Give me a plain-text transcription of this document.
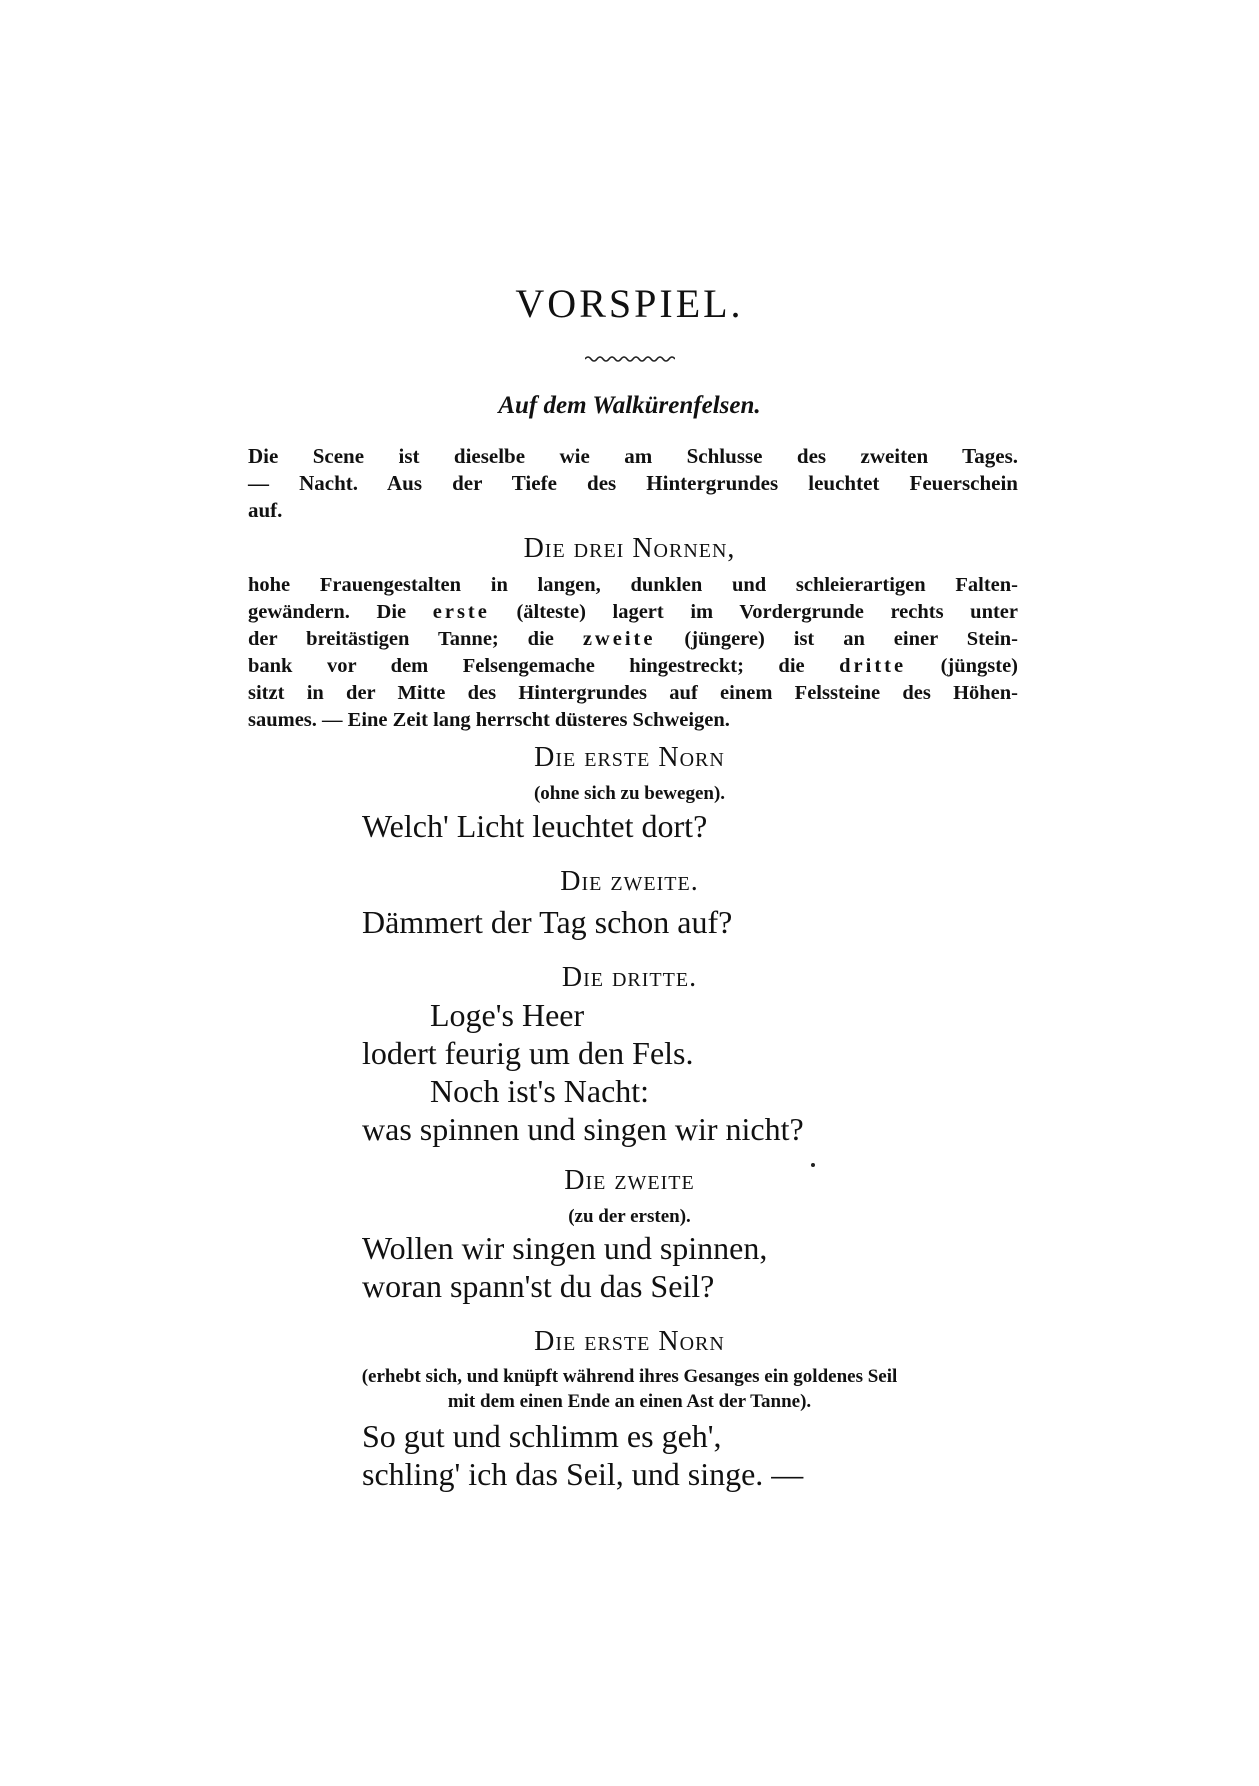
VORSPIEL.
Auf dem Walkürenfelsen.
Die Scene ist dieselbe wie am Schlusse des zweiten Tages.
— Nacht. Aus der Tiefe des Hintergrundes leuchtet Feuerschein
auf.
Die drei Nornen,
hohe Frauengestalten in langen, dunklen und schleierartigen Falten-
gewändern. Die erste (älteste) lagert im Vordergrunde rechts unter
der breitästigen Tanne; die zweite (jüngere) ist an einer Stein-
bank vor dem Felsengemache hingestreckt; die dritte (jüngste)
sitzt in der Mitte des Hintergrundes auf einem Felssteine des Höhen-
saumes. — Eine Zeit lang herrscht düsteres Schweigen.
Die erste Norn
(ohne sich zu bewegen).
Welch' Licht leuchtet dort?
Die zweite.
Dämmert der Tag schon auf?
Die dritte.
Loge's Heer
lodert feurig um den Fels.
Noch ist's Nacht:
was spinnen und singen wir nicht?
Die zweite
(zu der ersten).
Wollen wir singen und spinnen,
woran spann'st du das Seil?
Die erste Norn
(erhebt sich, und knüpft während ihres Gesanges ein goldenes Seil
mit dem einen Ende an einen Ast der Tanne).
So gut und schlimm es geh',
schling' ich das Seil, und singe. —
